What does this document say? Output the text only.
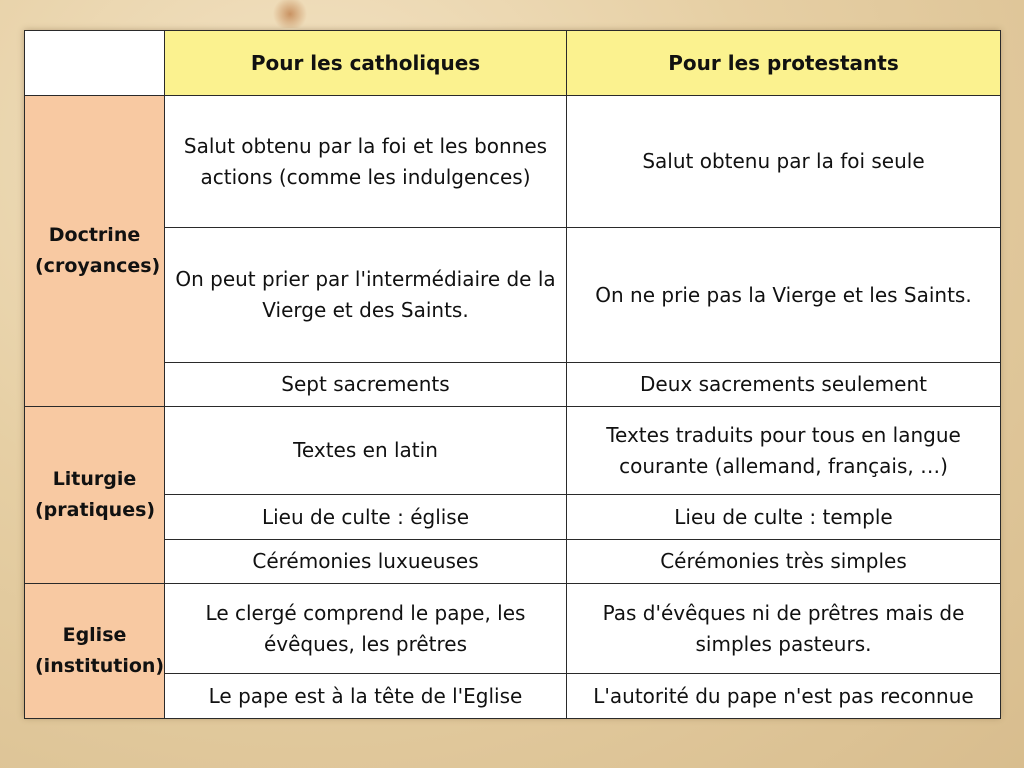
	Pour les catholiques	Pour les protestants
Doctrine
(croyances)	Salut obtenu par la foi et les bonnes actions (comme les indulgences)	Salut obtenu par la foi seule
	On peut prier par l'intermédiaire de la Vierge et des Saints.	On ne prie pas la Vierge et les Saints.
	Sept sacrements	Deux sacrements seulement
Liturgie
(pratiques)	Textes en latin	Textes traduits pour tous en langue courante (allemand, français, …)
	Lieu de culte : église	Lieu de culte : temple
	Cérémonies luxueuses	Cérémonies très simples
Eglise
(institution)	Le clergé comprend le pape, les évêques, les prêtres	Pas d'évêques ni de prêtres mais de simples pasteurs.
	Le pape est à la tête de l'Eglise	L'autorité du pape n'est pas reconnue
